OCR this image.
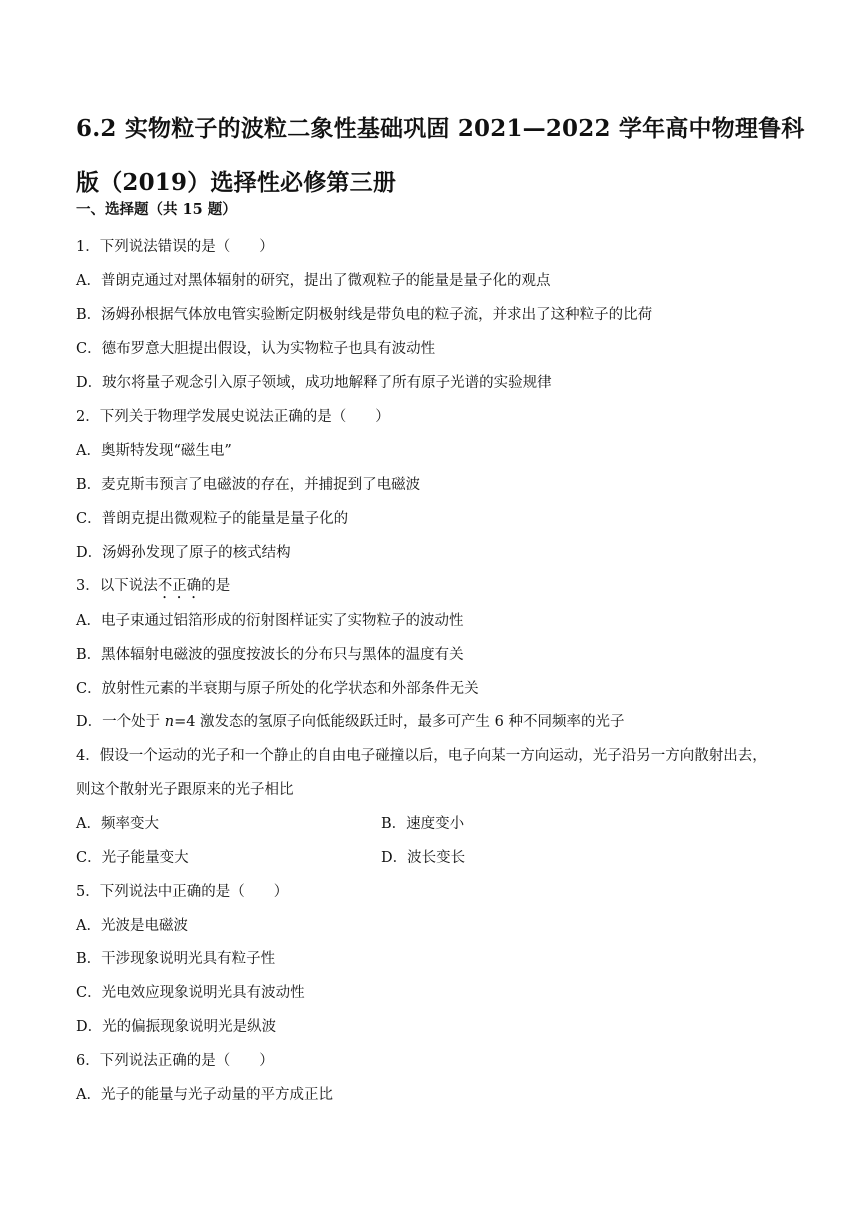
6.2 实物粒子的波粒二象性基础巩固 2021—2022 学年高中物理鲁科版（2019）选择性必修第三册
一、选择题（共 15 题）
1．下列说法错误的是（　　）
A．普朗克通过对黑体辐射的研究，提出了微观粒子的能量是量子化的观点
B．汤姆孙根据气体放电管实验断定阴极射线是带负电的粒子流，并求出了这种粒子的比荷
C．德布罗意大胆提出假设，认为实物粒子也具有波动性
D．玻尔将量子观念引入原子领域，成功地解释了所有原子光谱的实验规律
2．下列关于物理学发展史说法正确的是（　　）
A．奥斯特发现“磁生电”
B．麦克斯韦预言了电磁波的存在，并捕捉到了电磁波
C．普朗克提出微观粒子的能量是量子化的
D．汤姆孙发现了原子的核式结构
3．以下说法不正确的是
A．电子束通过铝箔形成的衍射图样证实了实物粒子的波动性
B．黑体辐射电磁波的强度按波长的分布只与黑体的温度有关
C．放射性元素的半衰期与原子所处的化学状态和外部条件无关
D．一个处于 n=4 激发态的氢原子向低能级跃迁时，最多可产生 6 种不同频率的光子
4．假设一个运动的光子和一个静止的自由电子碰撞以后，电子向某一方向运动，光子沿另一方向散射出去，
则这个散射光子跟原来的光子相比
A．频率变大	B．速度变小
C．光子能量变大	D．波长变长
5．下列说法中正确的是（　　）
A．光波是电磁波
B．干涉现象说明光具有粒子性
C．光电效应现象说明光具有波动性
D．光的偏振现象说明光是纵波
6．下列说法正确的是（　　）
A．光子的能量与光子动量的平方成正比
